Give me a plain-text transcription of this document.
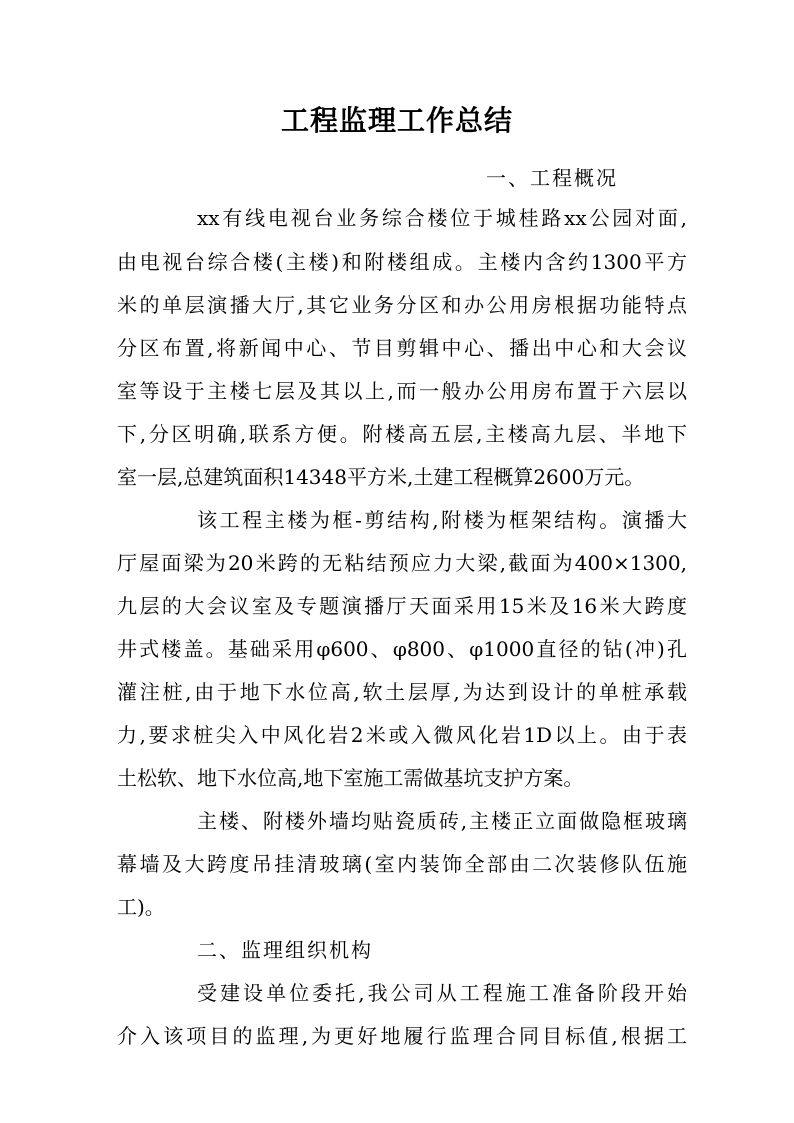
工程监理工作总结
一、工程概况
xx有线电视台业务综合楼位于城桂路xx公园对面,
由电视台综合楼(主楼)和附楼组成。主楼内含约1300平方
米的单层演播大厅,其它业务分区和办公用房根据功能特点
分区布置,将新闻中心、节目剪辑中心、播出中心和大会议
室等设于主楼七层及其以上,而一般办公用房布置于六层以
下,分区明确,联系方便。附楼高五层,主楼高九层、半地下
室一层,总建筑面积14348平方米,土建工程概算2600万元。
该工程主楼为框-剪结构,附楼为框架结构。演播大
厅屋面梁为20米跨的无粘结预应力大梁,截面为400×1300,
九层的大会议室及专题演播厅天面采用15米及16米大跨度
井式楼盖。基础采用φ600、φ800、φ1000直径的钻(冲)孔
灌注桩,由于地下水位高,软土层厚,为达到设计的单桩承载
力,要求桩尖入中风化岩2米或入微风化岩1D以上。由于表
土松软、地下水位高,地下室施工需做基坑支护方案。
主楼、附楼外墙均贴瓷质砖,主楼正立面做隐框玻璃
幕墙及大跨度吊挂清玻璃(室内装饰全部由二次装修队伍施
工)。
二、监理组织机构
受建设单位委托,我公司从工程施工准备阶段开始
介入该项目的监理,为更好地履行监理合同目标值,根据工
